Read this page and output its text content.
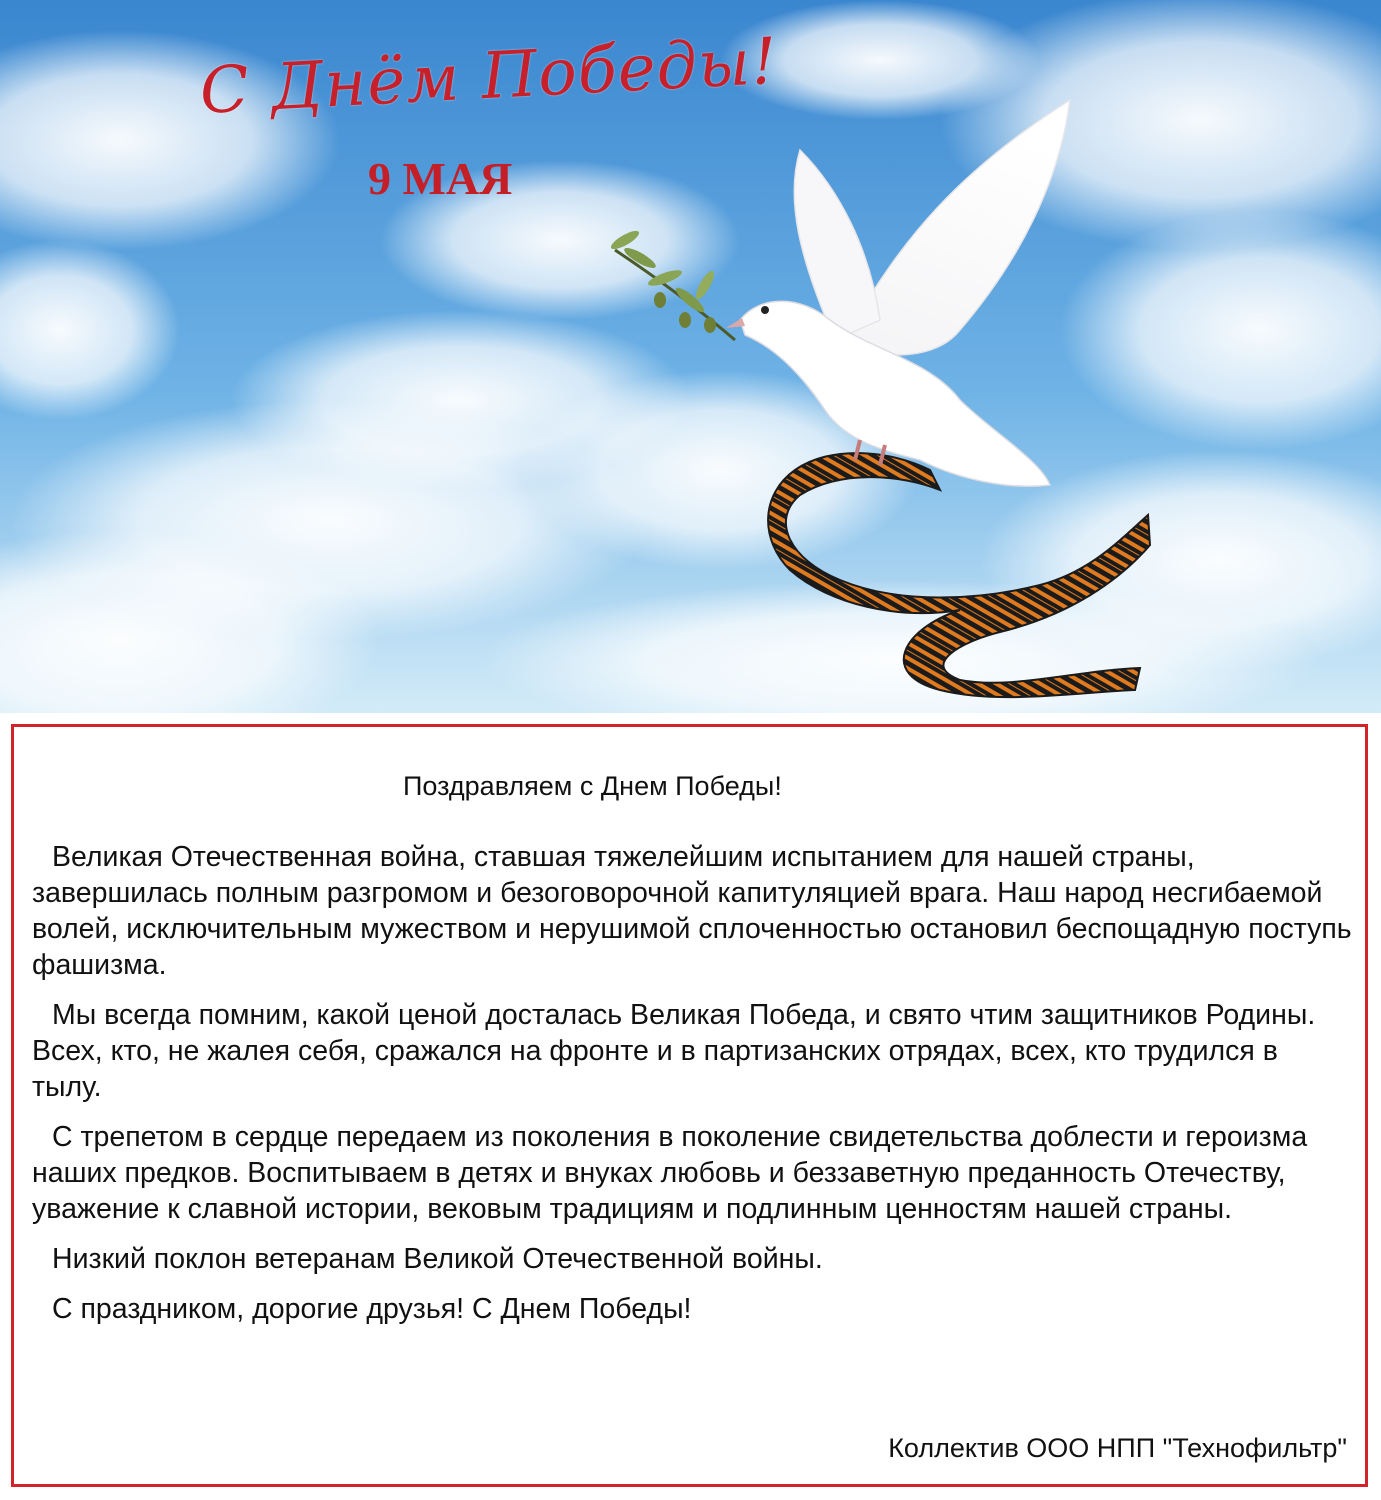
С Днём Победы!
9 МАЯ
Поздравляем с Днем Победы!

Великая Отечественная война, ставшая тяжелейшим испытанием для нашей страны, завершилась полным разгромом и безоговорочной капитуляцией врага. Наш народ несгибаемой волей, исключительным мужеством и нерушимой сплоченностью остановил беспощадную поступь фашизма.

Мы всегда помним, какой ценой досталась Великая Победа, и свято чтим защитников Родины. Всех, кто, не жалея себя, сражался на фронте и в партизанских отрядах, всех, кто трудился в тылу.

С трепетом в сердце передаем из поколения в поколение свидетельства доблести и героизма наших предков. Воспитываем в детях и внуках любовь и беззаветную преданность Отечеству, уважение к славной истории, вековым традициям и подлинным ценностям нашей страны.

Низкий поклон ветеранам Великой Отечественной войны.

С праздником, дорогие друзья! С Днем Победы!

Коллектив ООО НПП "Технофильтр"
